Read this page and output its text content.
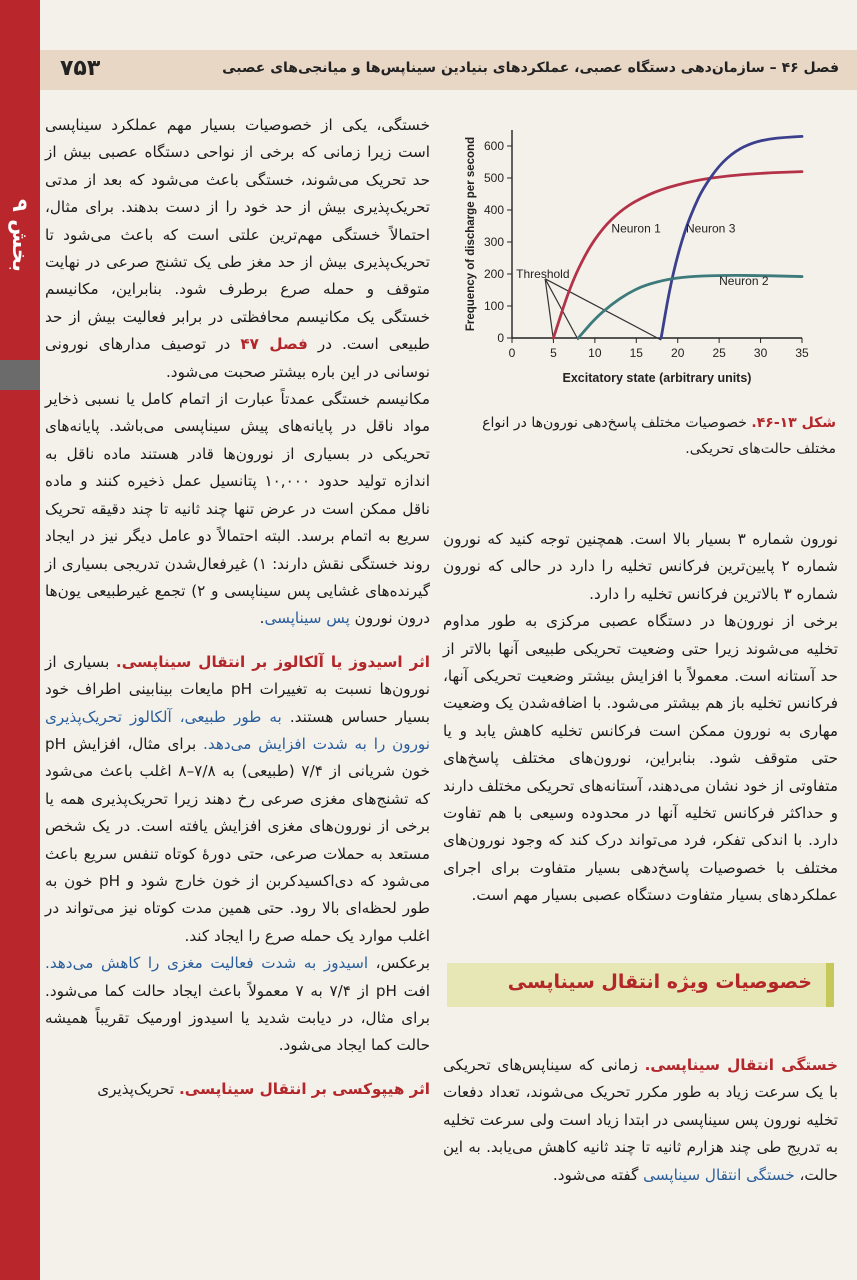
بخش ۹
۷۵۳	فصل ۴۶ – سازمان‌دهی دستگاه عصبی، عملکردهای بنیادین سیناپس‌ها و میانجی‌های عصبی
0	5	10 15 20 25 30 35
0
100
200
300
400
500
600
Excitatory state (arbitrary units)
Frequency of discharge per second	Threshold
Neuron 1 Neuron 3
Neuron 2
شکل ۱۳-۴۶. خصوصیات مختلف پاسخ‌دهی نورون‌ها در انواع مختلف حالت‌های تحریکی.

خستگی، یکی از خصوصیات بسیار مهم عملکرد سیناپسی است زیرا زمانی که برخی از نواحی دستگاه عصبی بیش از حد تحریک می‌شوند، خستگی باعث می‌شود که بعد از مدتی تحریک‌پذیری بیش از حد خود را از دست بدهند. برای مثال، احتمالاً خستگی مهم‌ترین علتی است که باعث می‌شود تا تحریک‌پذیری بیش از حد مغز طی یک تشنج صرعی در نهایت متوقف و حمله صرع برطرف شود. بنابراین، مکانیسم خستگی یک مکانیسم محافظتی در برابر فعالیت بیش از حد طبیعی است. در فصل ۴۷ در توصیف مدارهای نورونی نوسانی در این باره بیشتر صحبت می‌شود.

مکانیسم خستگی عمدتاً عبارت از اتمام کامل یا نسبی ذخایر مواد ناقل در پایانه‌های پیش سیناپسی می‌باشد. پایانه‌های تحریکی در بسیاری از نورون‌ها قادر هستند ماده ناقل به اندازه تولید حدود ۱۰,۰۰۰ پتانسیل عمل ذخیره کنند و ماده ناقل ممکن است در عرض تنها چند ثانیه تا چند دقیقه تحریک سریع به اتمام برسد. البته احتمالاً دو عامل دیگر نیز در ایجاد روند خستگی نقش دارند: ۱) غیرفعال‌شدن تدریجی بسیاری از گیرنده‌های غشایی پس سیناپسی و ۲) تجمع غیرطبیعی یون‌ها درون نورون پس سیناپسی.

اثر اسیدوز یا آلکالوز بر انتقال سیناپسی. بسیاری از نورون‌ها نسبت به تغییرات pH مایعات بینابینی اطراف خود بسیار حساس هستند. به طور طبیعی، آلکالوز تحریک‌پذیری نورون را به شدت افزایش می‌دهد. برای مثال، افزایش pH خون شریانی از ۷/۴ (طبیعی) به ۷/۸–۸ اغلب باعث می‌شود که تشنج‌های مغزی صرعی رخ دهند زیرا تحریک‌پذیری همه یا برخی از نورون‌های مغزی افزایش یافته است. در یک شخص مستعد به حملات صرعی، حتی دورهٔ کوتاه تنفس سریع باعث می‌شود که دی‌اکسیدکربن از خون خارج شود و pH خون به طور لحظه‌ای بالا رود. حتی همین مدت کوتاه نیز می‌تواند در اغلب موارد یک حمله صرع را ایجاد کند.

برعکس، اسیدوز به شدت فعالیت مغزی را کاهش می‌دهد. افت pH از ۷/۴ به ۷ معمولاً باعث ایجاد حالت کما می‌شود. برای مثال، در دیابت شدید یا اسیدوز اورمیک تقریباً همیشه حالت کما ایجاد می‌شود.

اثر هیپوکسی بر انتقال سیناپسی. تحریک‌پذیری

نورون شماره ۳ بسیار بالا است. همچنین توجه کنید که نورون شماره ۲ پایین‌ترین فرکانس تخلیه را دارد در حالی که نورون شماره ۳ بالاترین فرکانس تخلیه را دارد.

برخی از نورون‌ها در دستگاه عصبی مرکزی به طور مداوم تخلیه می‌شوند زیرا حتی وضعیت تحریکی طبیعی آنها بالاتر از حد آستانه است. معمولاً با افزایش بیشتر وضعیت تحریکی آنها، فرکانس تخلیه باز هم بیشتر می‌شود. با اضافه‌شدن یک وضعیت مهاری به نورون ممکن است فرکانس تخلیه کاهش یابد و یا حتی متوقف شود. بنابراین، نورون‌های مختلف پاسخ‌های متفاوتی از خود نشان می‌دهند، آستانه‌های تحریکی مختلف دارند و حداکثر فرکانس تخلیه آنها در محدوده وسیعی با هم تفاوت دارد. با اندکی تفکر، فرد می‌تواند درک کند که وجود نورون‌های مختلف با خصوصیات پاسخ‌دهی بسیار متفاوت برای اجرای عملکردهای بسیار متفاوت دستگاه عصبی بسیار مهم است.

خصوصیات ویژه انتقال سیناپسی

خستگی انتقال سیناپسی. زمانی که سیناپس‌های تحریکی با یک سرعت زیاد به طور مکرر تحریک می‌شوند، تعداد دفعات تخلیه نورون پس سیناپسی در ابتدا زیاد است ولی سرعت تخلیه به تدریج طی چند هزارم ثانیه تا چند ثانیه کاهش می‌یابد. به این حالت، خستگی انتقال سیناپسی گفته می‌شود.
